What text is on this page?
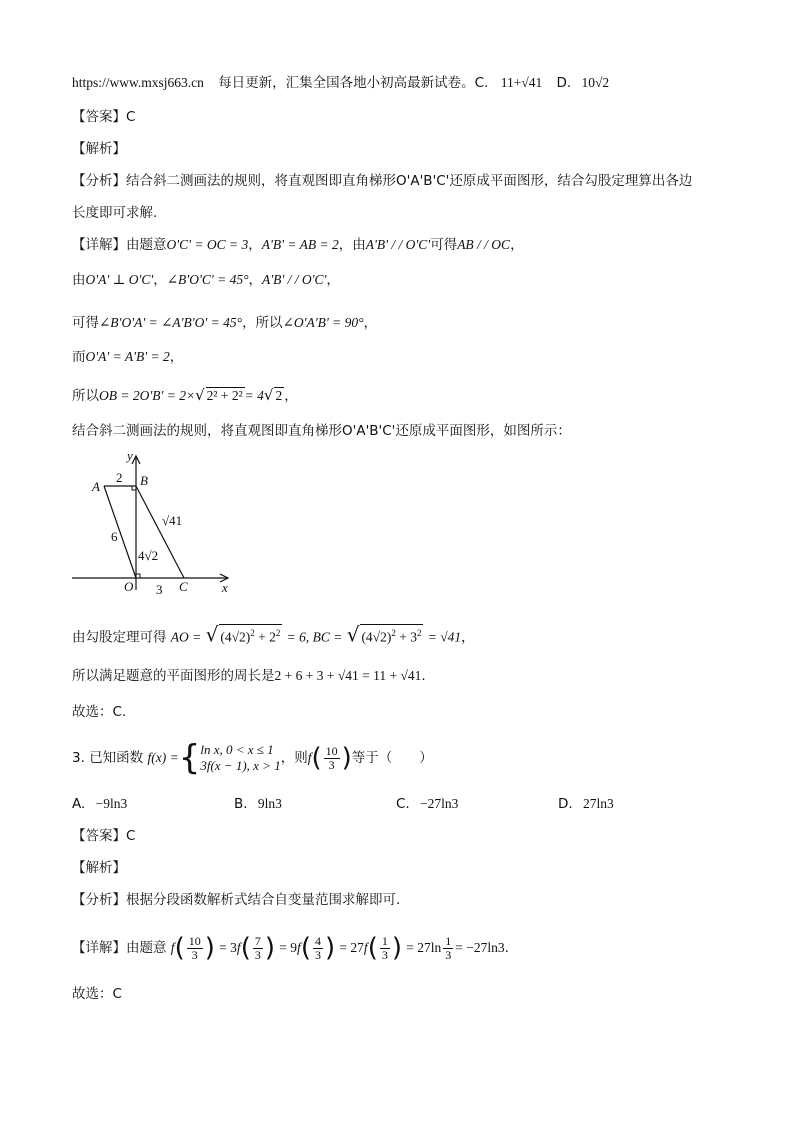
https://www.mxsj663.cn 每日更新，汇集全国各地小初高最新试卷。C. 11+√41 D. 10√2
【答案】C
【解析】
【分析】结合斜二测画法的规则，将直观图即直角梯形O'A'B'C'还原成平面图形，结合勾股定理算出各边
长度即可求解.
【详解】由题意O'C' = OC = 3，A'B' = AB = 2，由A'B' / / O'C'可得AB / / OC，
由O'A' ⊥ O'C'，∠B'O'C' = 45°，A'B' / / O'C'，
可得∠B'O'A' = ∠A'B'O' = 45°，所以∠O'A'B' = 90°，
而O'A' = A'B' = 2，
所以OB = 2O'B' = 2×√ 2² + 2² = 4√ 2 ，
结合斜二测画法的规则，将直观图即直角梯形O'A'B'C'还原成平面图形，如图所示：
y
x
A	B
O	C
2
6
4√2
3
√41
由勾股定理可得 AO = √ $(4√2)^2 + 2^2 = 6$, BC = √ $(4√2)^2 + 3^2 = √41$，
所以满足题意的平面图形的周长是2 + 6 + 3 + √41 = 11 + √41.
故选：C.
3. 已知函数 f(x) ={ ln x, 0 < x ≤ 1
3f(x − 1), x > 1 ，则$f( \frac{10}{3}$ )等于（　　）
A. −9ln3	B. 9ln3	C. −27ln3	D. 27ln3
【答案】C
【解析】
【分析】根据分段函数解析式结合自变量范围求解即可.
【详解】由题意 $f( \frac{10}{3}$ ) = $3f( \frac{7}{3}$ ) = $9f( \frac{4}{3}$ ) = $27f( \frac{1}{3}$ ) = $27\ln \frac{1}{3} = -27\ln 3$.
故选：C
